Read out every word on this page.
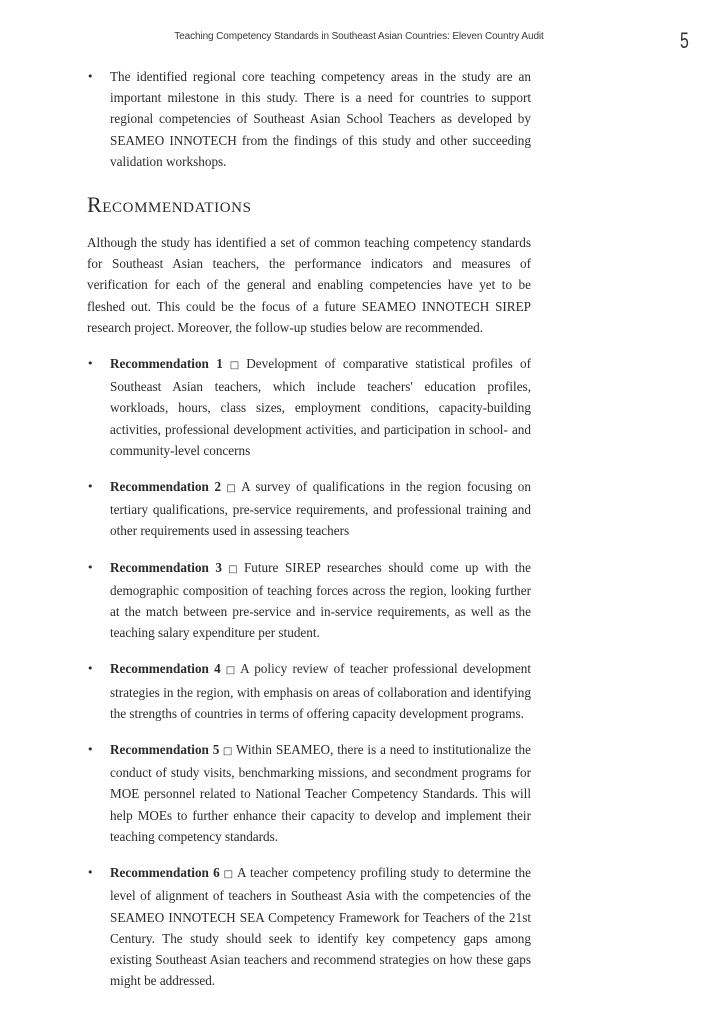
Teaching Competency Standards in Southeast Asian Countries: Eleven Country Audit	5
• The identified regional core teaching competency areas in the study are an important milestone in this study. There is a need for countries to support regional competencies of Southeast Asian School Teachers as developed by SEAMEO INNOTECH from the findings of this study and other succeeding validation workshops.
Recommendations

Although the study has identified a set of common teaching competency standards for Southeast Asian teachers, the performance indicators and measures of verification for each of the general and enabling competencies have yet to be fleshed out. This could be the focus of a future SEAMEO INNOTECH SIREP research project. Moreover, the follow-up studies below are recommended.

• Recommendation 1 □ Development of comparative statistical profiles of Southeast Asian teachers, which include teachers' education profiles, workloads, hours, class sizes, employment conditions, capacity-building activities, professional development activities, and participation in school- and community-level concerns
• Recommendation 2 □ A survey of qualifications in the region focusing on tertiary qualifications, pre-service requirements, and professional training and other requirements used in assessing teachers
• Recommendation 3 □ Future SIREP researches should come up with the demographic composition of teaching forces across the region, looking further at the match between pre-service and in-service requirements, as well as the teaching salary expenditure per student.
• Recommendation 4 □ A policy review of teacher professional development strategies in the region, with emphasis on areas of collaboration and identifying the strengths of countries in terms of offering capacity development programs.
• Recommendation 5 □ Within SEAMEO, there is a need to institutionalize the conduct of study visits, benchmarking missions, and secondment programs for MOE personnel related to National Teacher Competency Standards. This will help MOEs to further enhance their capacity to develop and implement their teaching competency standards.
• Recommendation 6 □ A teacher competency profiling study to determine the level of alignment of teachers in Southeast Asia with the competencies of the SEAMEO INNOTECH SEA Competency Framework for Teachers of the 21st Century. The study should seek to identify key competency gaps among existing Southeast Asian teachers and recommend strategies on how these gaps might be addressed.
